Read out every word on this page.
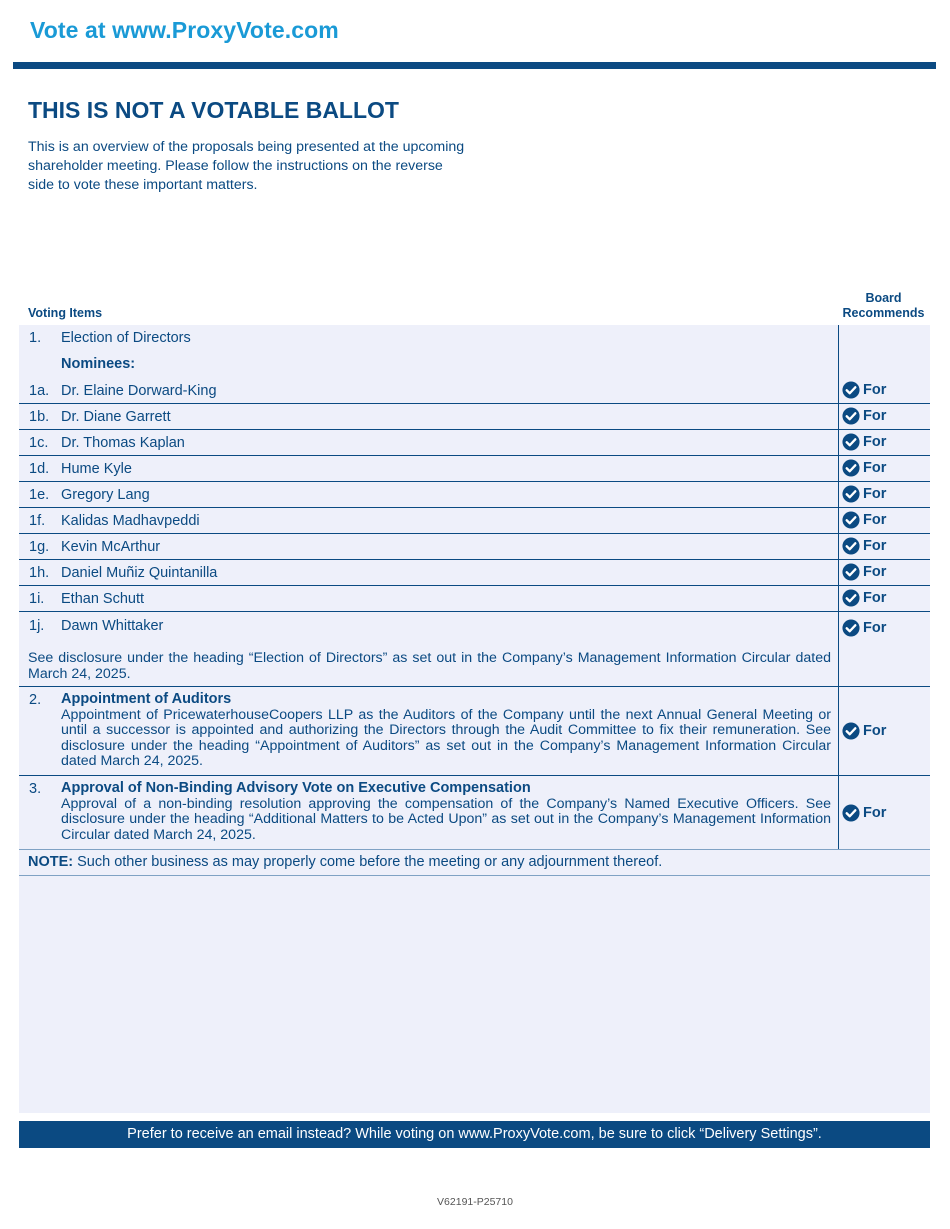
Vote at www.ProxyVote.com
THIS IS NOT A VOTABLE BALLOT
This is an overview of the proposals being presented at the upcoming shareholder meeting. Please follow the instructions on the reverse side to vote these important matters.
Voting Items
Board Recommends
1. Election of Directors
Nominees:
1a. Dr. Elaine Dorward-King	For
1b. Dr. Diane Garrett	For
1c. Dr. Thomas Kaplan	For
1d. Hume Kyle	For
1e. Gregory Lang	For
1f. Kalidas Madhavpeddi	For
1g. Kevin McArthur	For
1h. Daniel Muñiz Quintanilla	For
1i. Ethan Schutt	For
1j. Dawn Whittaker	For
See disclosure under the heading “Election of Directors” as set out in the Company’s Management Information Circular dated March 24, 2025.
2. Appointment of Auditors
Appointment of PricewaterhouseCoopers LLP as the Auditors of the Company until the next Annual General Meeting or until a successor is appointed and authorizing the Directors through the Audit Committee to fix their remuneration. See disclosure under the heading “Appointment of Auditors” as set out in the Company’s Management Information Circular dated March 24, 2025.
For
3. Approval of Non-Binding Advisory Vote on Executive Compensation
Approval of a non-binding resolution approving the compensation of the Company’s Named Executive Officers. See disclosure under the heading “Additional Matters to be Acted Upon” as set out in the Company’s Management Information Circular dated March 24, 2025.
For
NOTE: Such other business as may properly come before the meeting or any adjournment thereof.
Prefer to receive an email instead? While voting on www.ProxyVote.com, be sure to click “Delivery Settings”.
V62191-P25710
